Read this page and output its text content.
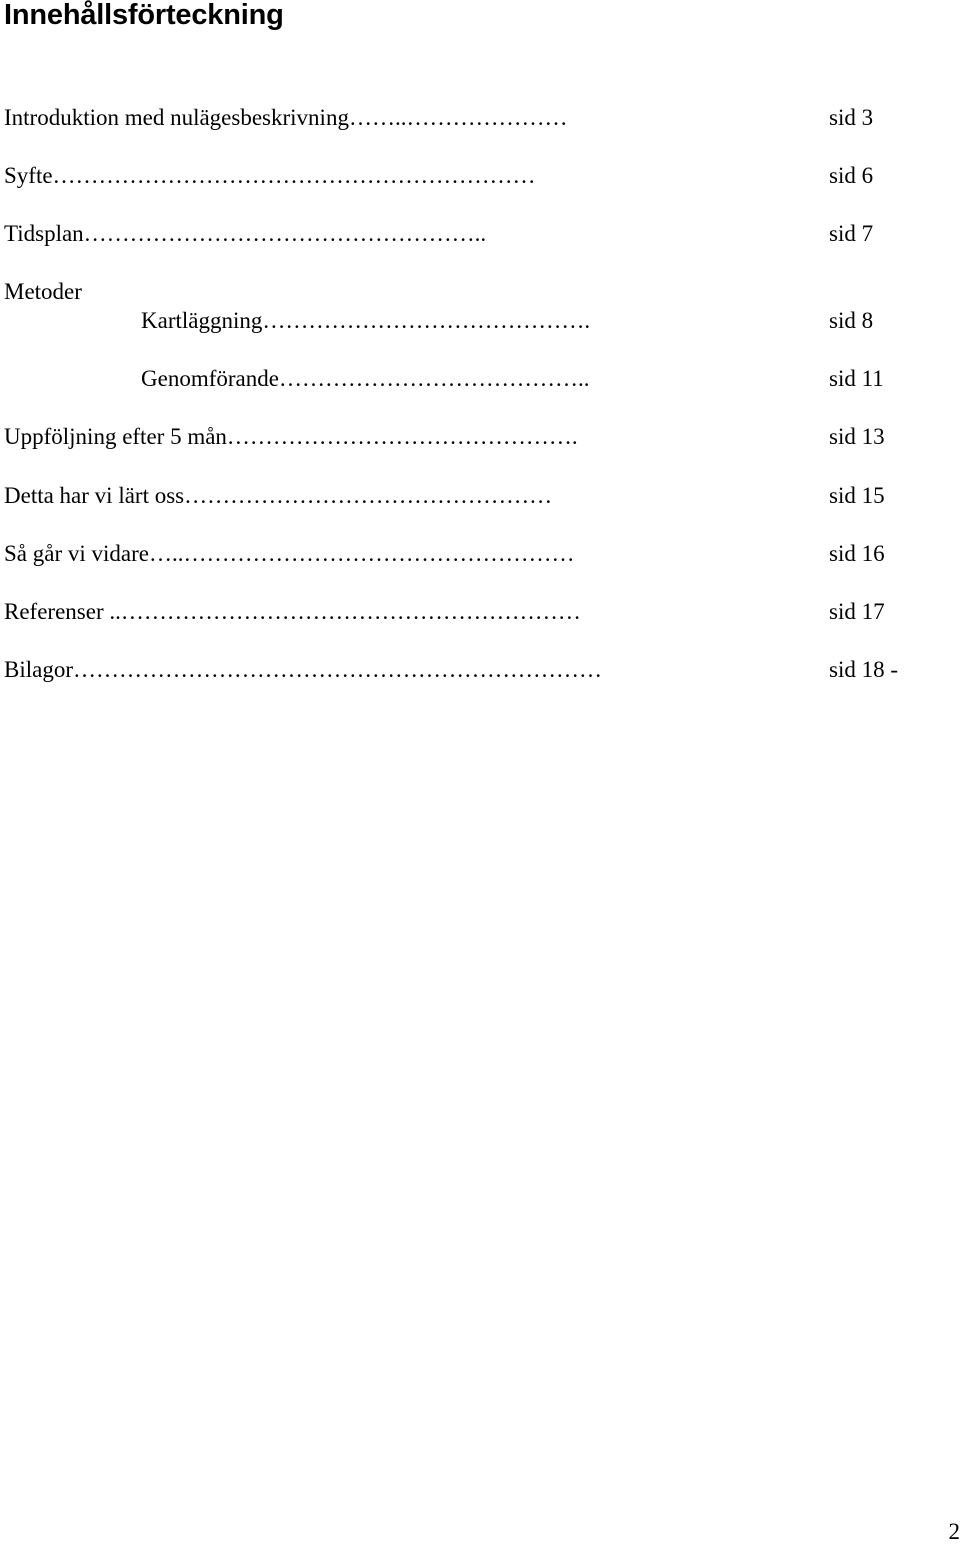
Innehållsförteckning
Introduktion med nulägesbeskrivning……..…………………	sid 3
Syfte………………………………………………………	sid 6
Tidsplan……………………………………………..	sid 7
Metoder
Kartläggning…………………………………….	sid 8
Genomförande…………………………………..	sid 11
Uppföljning efter 5 mån……………………………………….	sid 13
Detta har vi lärt oss…………………………………………	sid 15
Så går vi vidare…..……………………………………………	sid 16
Referenser ..……………………………………………………	sid 17
Bilagor……………………………………………………………	sid 18 -
2
